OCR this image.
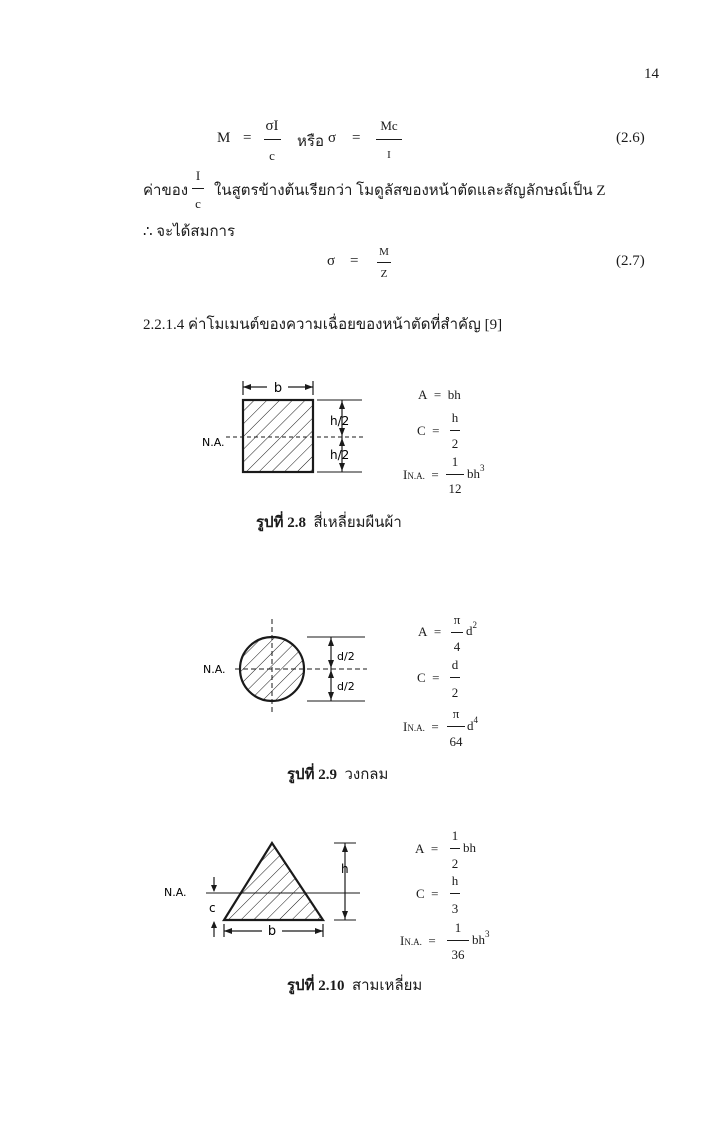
14
M =
σI
c
หรือ σ =
Mc
I
(2.6)
ค่าของ
I
c
ในสูตรข้างต้นเรียกว่า โมดูลัสของหน้าตัดและสัญลักษณ์เป็น Z
∴ จะได้สมการ
σ =
M
Z
(2.7)
2.2.1.4 ค่าโมเมนต์ของความเฉื่อยของหน้าตัดที่สำคัญ [9]
b
N.A.
h/2
h/2
A  =  bh
C  =
h
2
IN.A.  =
1
12
$bh^3$
รูปที่ 2.8 สี่เหลี่ยมผืนผ้า
N.A.
d/2
d/2
A  =
π
4
$d^2$
C  =
d
2
IN.A.  =
π
64
$d^4$
รูปที่ 2.9 วงกลม
N.A.
h
c
b
A  =
1
2
bh
C  =
h
3
IN.A.  =
1
36
$bh^3$
รูปที่ 2.10 สามเหลี่ยม
